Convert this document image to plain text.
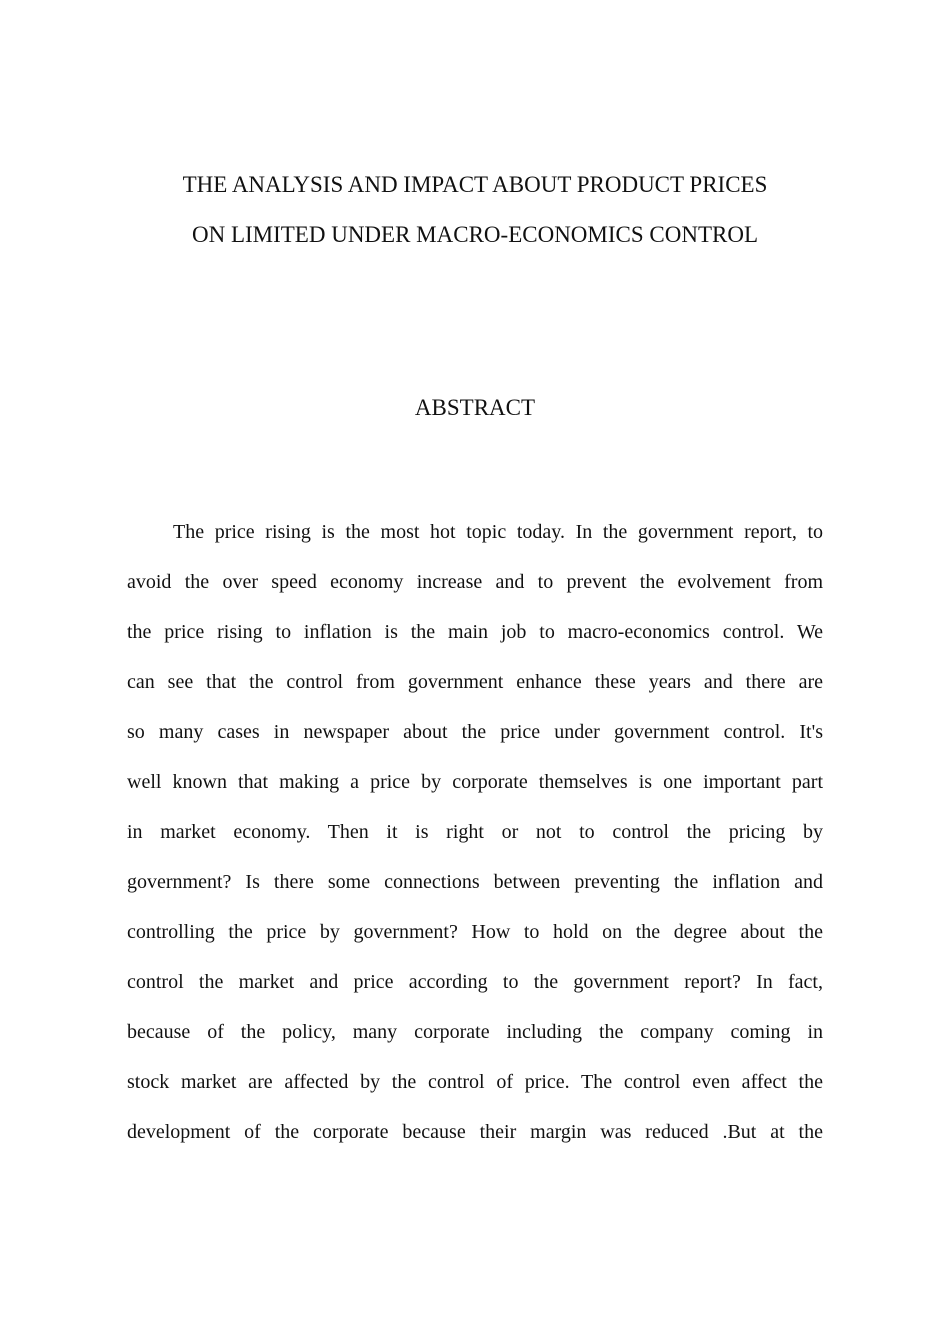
THE ANALYSIS AND IMPACT ABOUT PRODUCT PRICES
ON LIMITED UNDER MACRO-ECONOMICS CONTROL
ABSTRACT
The price rising is the most hot topic today. In the government report, to
avoid the over speed economy increase and to prevent the evolvement from
the price rising to inflation is the main job to macro-economics control. We
can see that the control from government enhance these years and there are
so many cases in newspaper about the price under government control. It's
well known that making a price by corporate themselves is one important part
in market economy. Then it is right or not to control the pricing by
government? Is there some connections between preventing the inflation and
controlling the price by government? How to hold on the degree about the
control the market and price according to the government report? In fact,
because of the policy, many corporate including the company coming in
stock market are affected by the control of price. The control even affect the
development of the corporate because their margin was reduced .But at the
